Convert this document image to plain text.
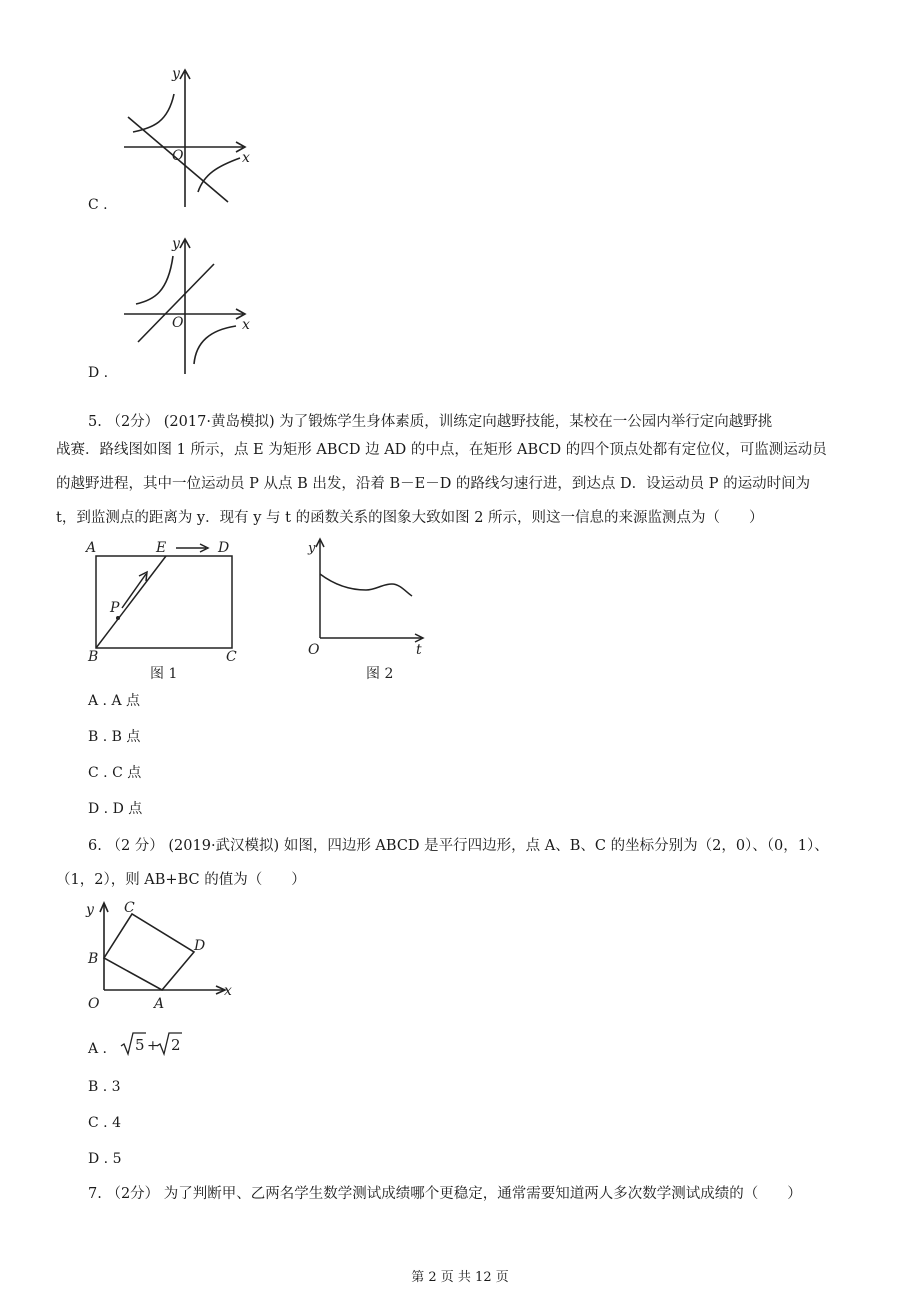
y
x
O
C .
y
x
O
D .
5. （2分） (2017·黄岛模拟) 为了锻炼学生身体素质，训练定向越野技能，某校在一公园内举行定向越野挑
战赛．路线图如图 1 所示，点 E 为矩形 ABCD 边 AD 的中点，在矩形 ABCD 的四个顶点处都有定位仪，可监测运动员
的越野进程，其中一位运动员 P 从点 B 出发，沿着 B－E－D 的路线匀速行进，到达点 D．设运动员 P 的运动时间为
t，到监测点的距离为 y．现有 y 与 t 的函数关系的图象大致如图 2 所示，则这一信息的来源监测点为（　　）
A	E	D
B	C
P
图 1
y
O	t
图 2
A . A 点
B . B 点
C . C 点
D . D 点
6. （2 分） (2019·武汉模拟) 如图，四边形 ABCD 是平行四边形，点 A、B、C 的坐标分别为（2，0）、（0，1）、
（1，2），则 AB+BC 的值为（　　）
y
x
O	A
B
C
D
A . 5 + 2
B . 3
C . 4
D . 5
7. （2分） 为了判断甲、乙两名学生数学测试成绩哪个更稳定，通常需要知道两人多次数学测试成绩的（　　）
第 2 页 共 12 页
